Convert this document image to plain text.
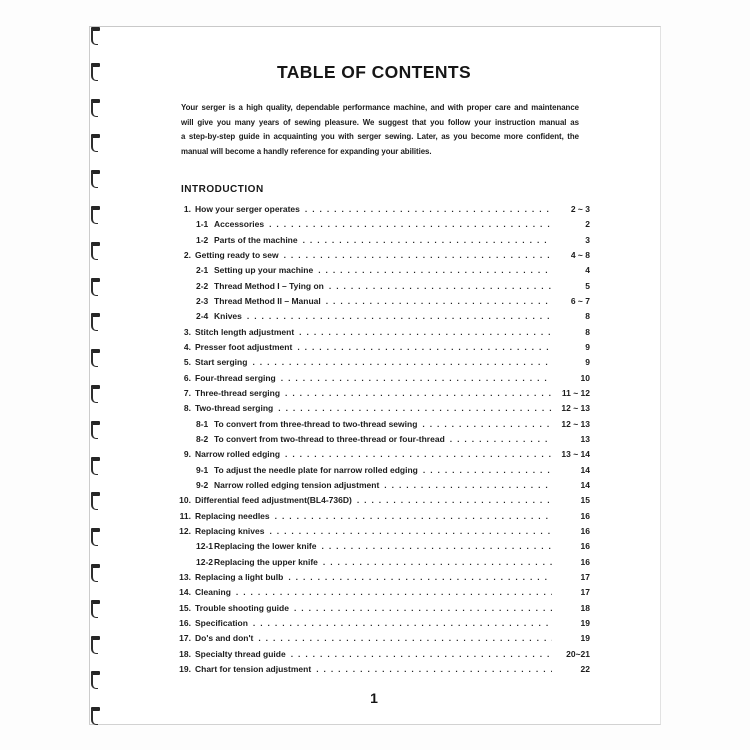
TABLE OF CONTENTS
Your serger is a high quality, dependable performance machine, and with proper care and maintenance
will give you many years of sewing pleasure. We suggest that you follow your instruction manual as
a step-by-step guide in acquainting you with serger sewing. Later, as you become more confident, the
manual will become a handly reference for expanding your abilities.
INTRODUCTION
1. How your serger operates . . .	2 ~ 3
1-1 Accessories . . .	2
1-2 Parts of the machine . . .	3
2. Getting ready to sew . . .	4 ~ 8
2-1 Setting up your machine . . .	4
2-2 Thread Method I – Tying on . . .	5
2-3 Thread Method II – Manual . . .	6 ~ 7
2-4 Knives . . .	8
3. Stitch length adjustment . . .	8
4. Presser foot adjustment . . .	9
5. Start serging . . .	9
6. Four-thread serging . . .	10
7. Three-thread serging . . .	11 ~ 12
8. Two-thread serging . . .	12 ~ 13
8-1 To convert from three-thread to two-thread sewing . . .	12 ~ 13
8-2 To convert from two-thread to three-thread or four-thread . . .	13
9. Narrow rolled edging . . .	13 ~ 14
9-1 To adjust the needle plate for narrow rolled edging . . .	14
9-2 Narrow rolled edging tension adjustment . . .	14
10. Differential feed adjustment(BL4-736D) . . .	15
11. Replacing needles . . .	16
12. Replacing knives . . .	16
12-1 Replacing the lower knife . . .	16
12-2 Replacing the upper knife . . .	16
13. Replacing a light bulb . . .	17
14. Cleaning . . .	17
15. Trouble shooting guide . . .	18
16. Specification . . .	19
17. Do's and don't . . .	19
18. Specialty thread guide . . .	20~21
19. Chart for tension adjustment . . .	22
1
